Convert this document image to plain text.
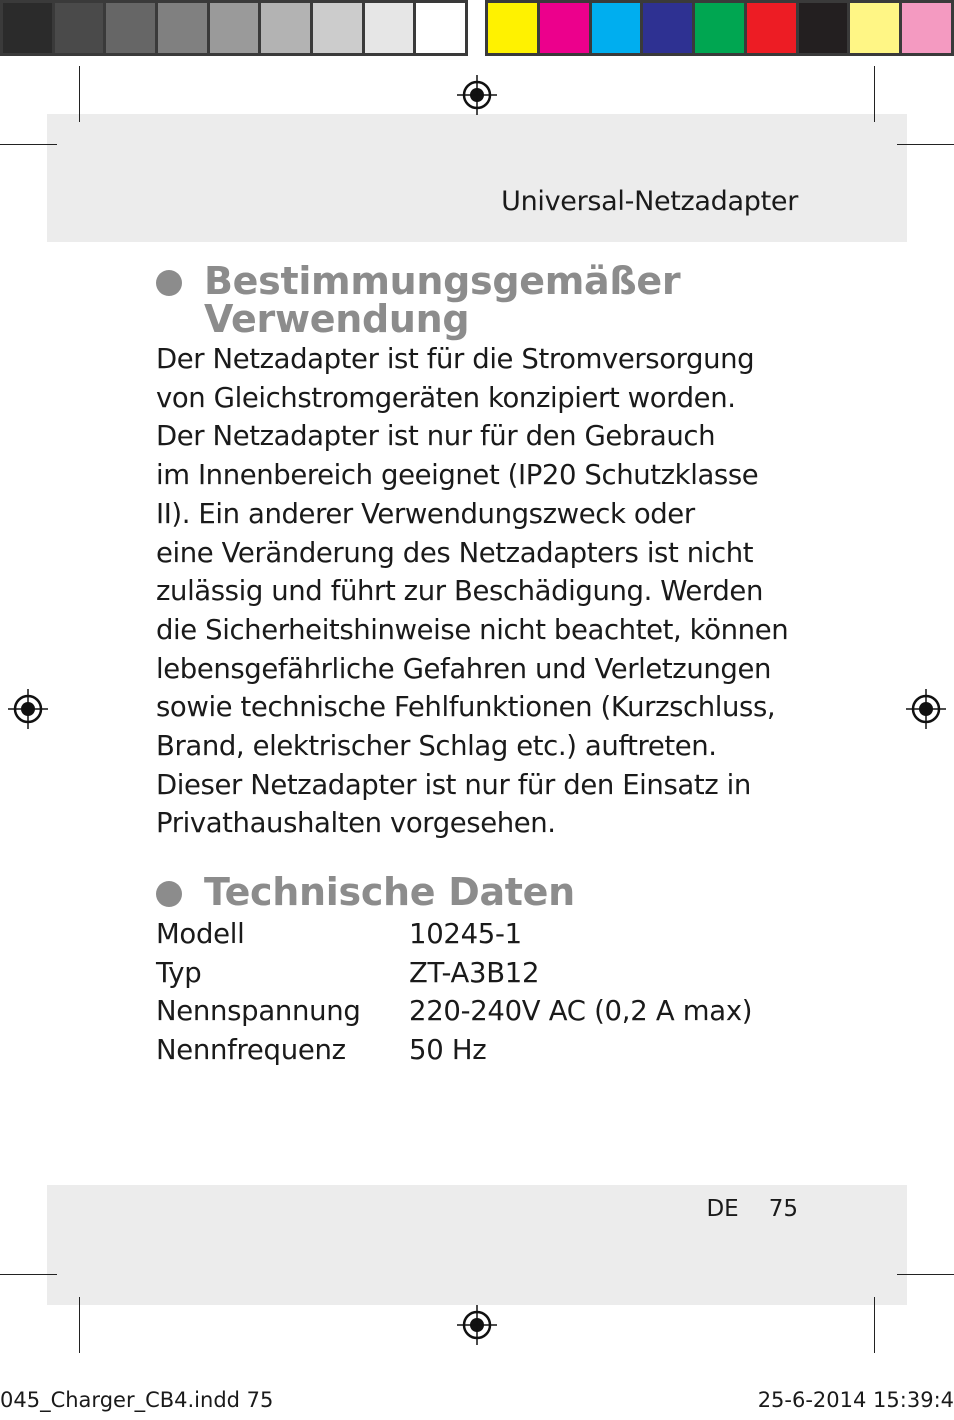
Universal-Netzadapter
Bestimmungsgemäßer
Verwendung
Der Netzadapter ist für die Stromversorgung
von Gleichstromgeräten konzipiert worden.
Der Netzadapter ist nur für den Gebrauch
im Innenbereich geeignet (IP20 Schutzklasse
II). Ein anderer Verwendungszweck oder
eine Veränderung des Netzadapters ist nicht
zulässig und führt zur Beschädigung. Werden
die Sicherheitshinweise nicht beachtet, können
lebensgefährliche Gefahren und Verletzungen
sowie technische Fehlfunktionen (Kurzschluss,
Brand, elektrischer Schlag etc.) auftreten.
Dieser Netzadapter ist nur für den Einsatz in
Privathaushalten vorgesehen.
Technische Daten
Modell	10245-1
Typ	ZT-A3B12
Nennspannung	220-240V AC (0,2 A max)
Nennfrequenz	50 Hz
DE 75
045_Charger_CB4.indd 75	25-6-2014 15:39:4
